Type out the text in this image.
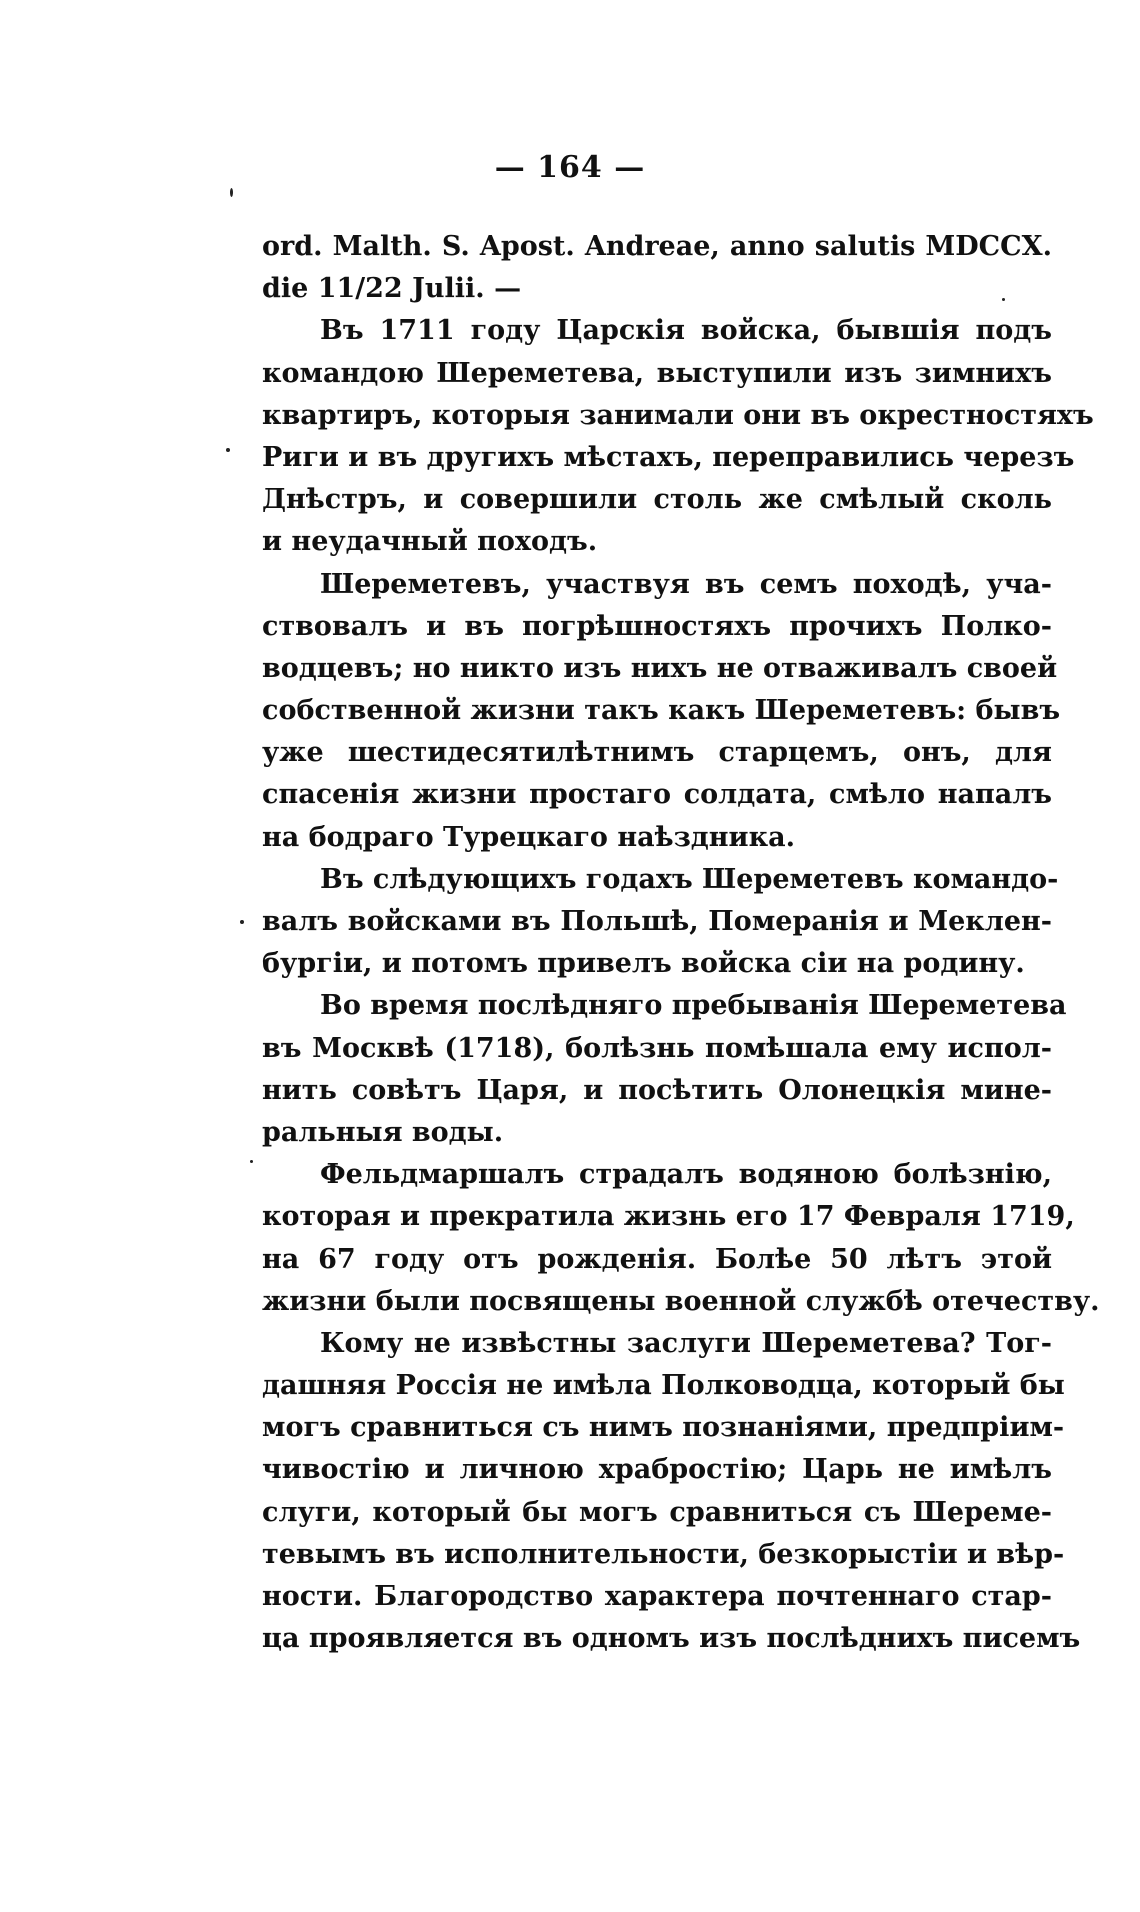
— 164 —
ord. Malth. S. Apost. Andreae, anno salutis MDCCX.
die 11/22 Julii. —
Въ 1711 году Царскія войска, бывшія подъ
командою Шереметева, выступили изъ зимнихъ
квартиръ, которыя занимали они въ окрестностяхъ
Риги и въ другихъ мѣстахъ, переправились черезъ
Днѣстръ, и совершили столь же смѣлый сколь
и неудачный походъ.
Шереметевъ, участвуя въ семъ походѣ, уча-
ствовалъ и въ погрѣшностяхъ прочихъ Полко-
водцевъ; но никто изъ нихъ не отваживалъ своей
собственной жизни такъ какъ Шереметевъ: бывъ
уже шестидесятилѣтнимъ старцемъ, онъ, для
спасенія жизни простаго солдата, смѣло напалъ
на бодраго Турецкаго наѣздника.
Въ слѣдующихъ годахъ Шереметевъ командо-
валъ войсками въ Польшѣ, Померанія и Меклен-
бургіи, и потомъ привелъ войска сіи на родину.
Во время послѣдняго пребыванія Шереметева
въ Москвѣ (1718), болѣзнь помѣшала ему испол-
нить совѣтъ Царя, и посѣтить Олонецкія мине-
ральныя воды.
Фельдмаршалъ страдалъ водяною болѣзнію,
которая и прекратила жизнь его 17 Февраля 1719,
на 67 году отъ рожденія. Болѣе 50 лѣтъ этой
жизни были посвящены военной службѣ отечеству.
Кому не извѣстны заслуги Шереметева? Тог-
дашняя Россія не имѣла Полководца, который бы
могъ сравниться съ нимъ познаніями, предпріим-
чивостію и личною храбростію; Царь не имѣлъ
слуги, который бы могъ сравниться съ Шереме-
тевымъ въ исполнительности, безкорыстіи и вѣр-
ности. Благородство характера почтеннаго стар-
ца проявляется въ одномъ изъ послѣднихъ писемъ
